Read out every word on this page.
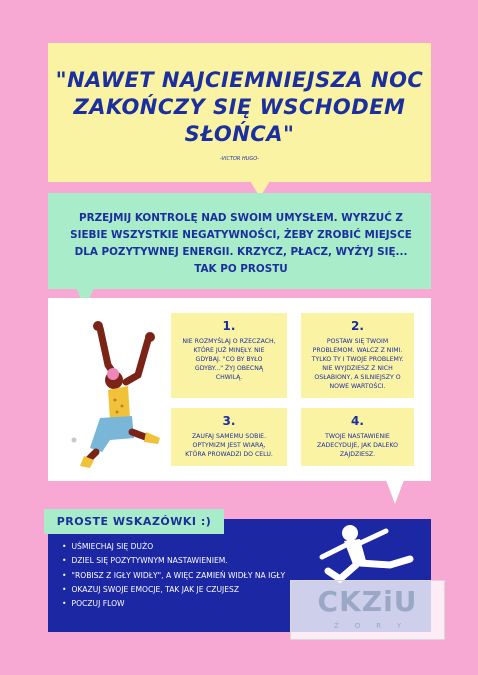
"NAWET NAJCIEMNIEJSZA NOC ZAKOŃCZY SIĘ WSCHODEM SŁOŃCA"
-VICTOR HUGO-
PRZEJMIJ KONTROLĘ NAD SWOIM UMYSŁEM. WYRZUĆ Z SIEBIE WSZYSTKIE NEGATYWNOŚCI, ŻEBY ZROBIĆ MIEJSCE DLA POZYTYWNEJ ENERGII. KRZYCZ, PŁACZ, WYŻYJ SIĘ...
TAK PO PROSTU
1.
NIE ROZMYŚLAJ O RZECZACH, KTÓRE JUŻ MINĘŁY. NIE GDYBAJ. "CO BY BYŁO GDYBY..." ŻYJ OBECNĄ CHWILĄ.
2.
POSTAW SIĘ TWOIM PROBLEMOM. WALCZ Z NIMI. TYLKO TY I TWOJE PROBLEMY. NIE WYJDZIESZ Z NICH OSŁABIONY, A SILNIEJSZY O NOWE WARTOŚCI.
3.
ZAUFAJ SAMEMU SOBIE. OPTYMIZM JEST WIARĄ, KTÓRA PROWADZI DO CELU.
4.
TWOJE NASTAWIENIE ZADECYDUJE, JAK DALEKO ZAJDZIESZ.
PROSTE WSKAZÓWKI :)
• UŚMIECHAJ SIĘ DUŻO
• DZIEL SIĘ POZYTYWNYM NASTAWIENIEM.
• "ROBISZ Z IGŁY WIDŁY", A WIĘC ZAMIEŃ WIDŁY NA IGŁY
• OKAZUJ SWOJE EMOCJE, TAK JAK JE CZUJESZ
• POCZUJ FLOW	CKZiU
ŻORY
